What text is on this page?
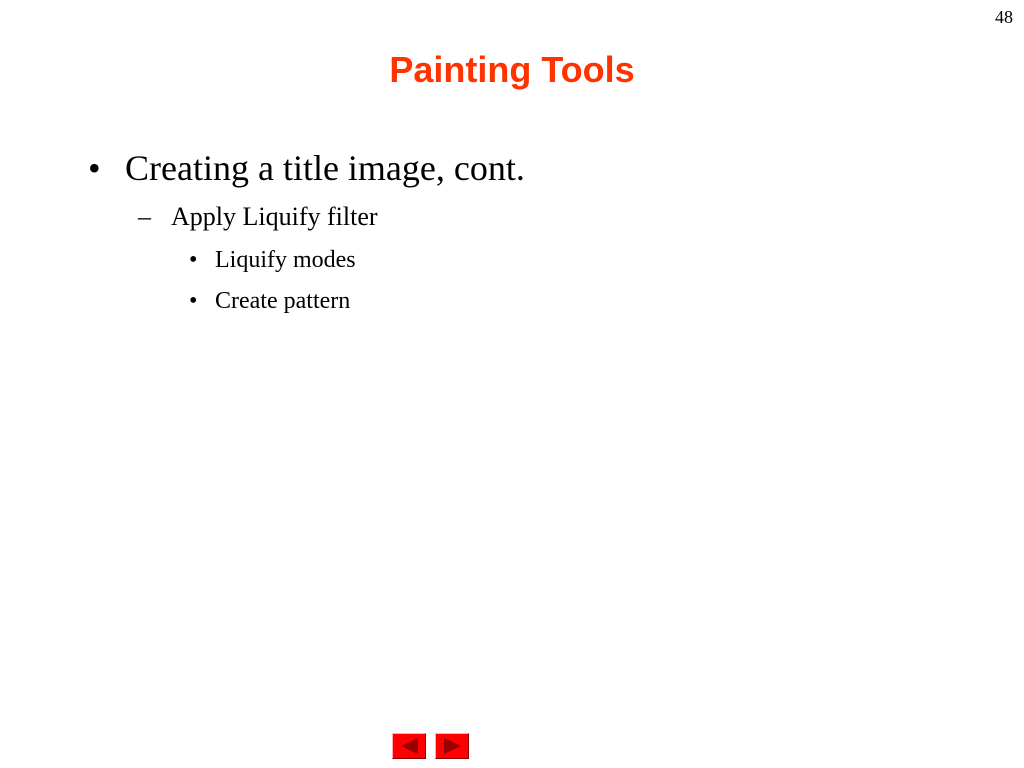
48
Painting Tools
• Creating a title image, cont.
– Apply Liquify filter
• Liquify modes
• Create pattern
